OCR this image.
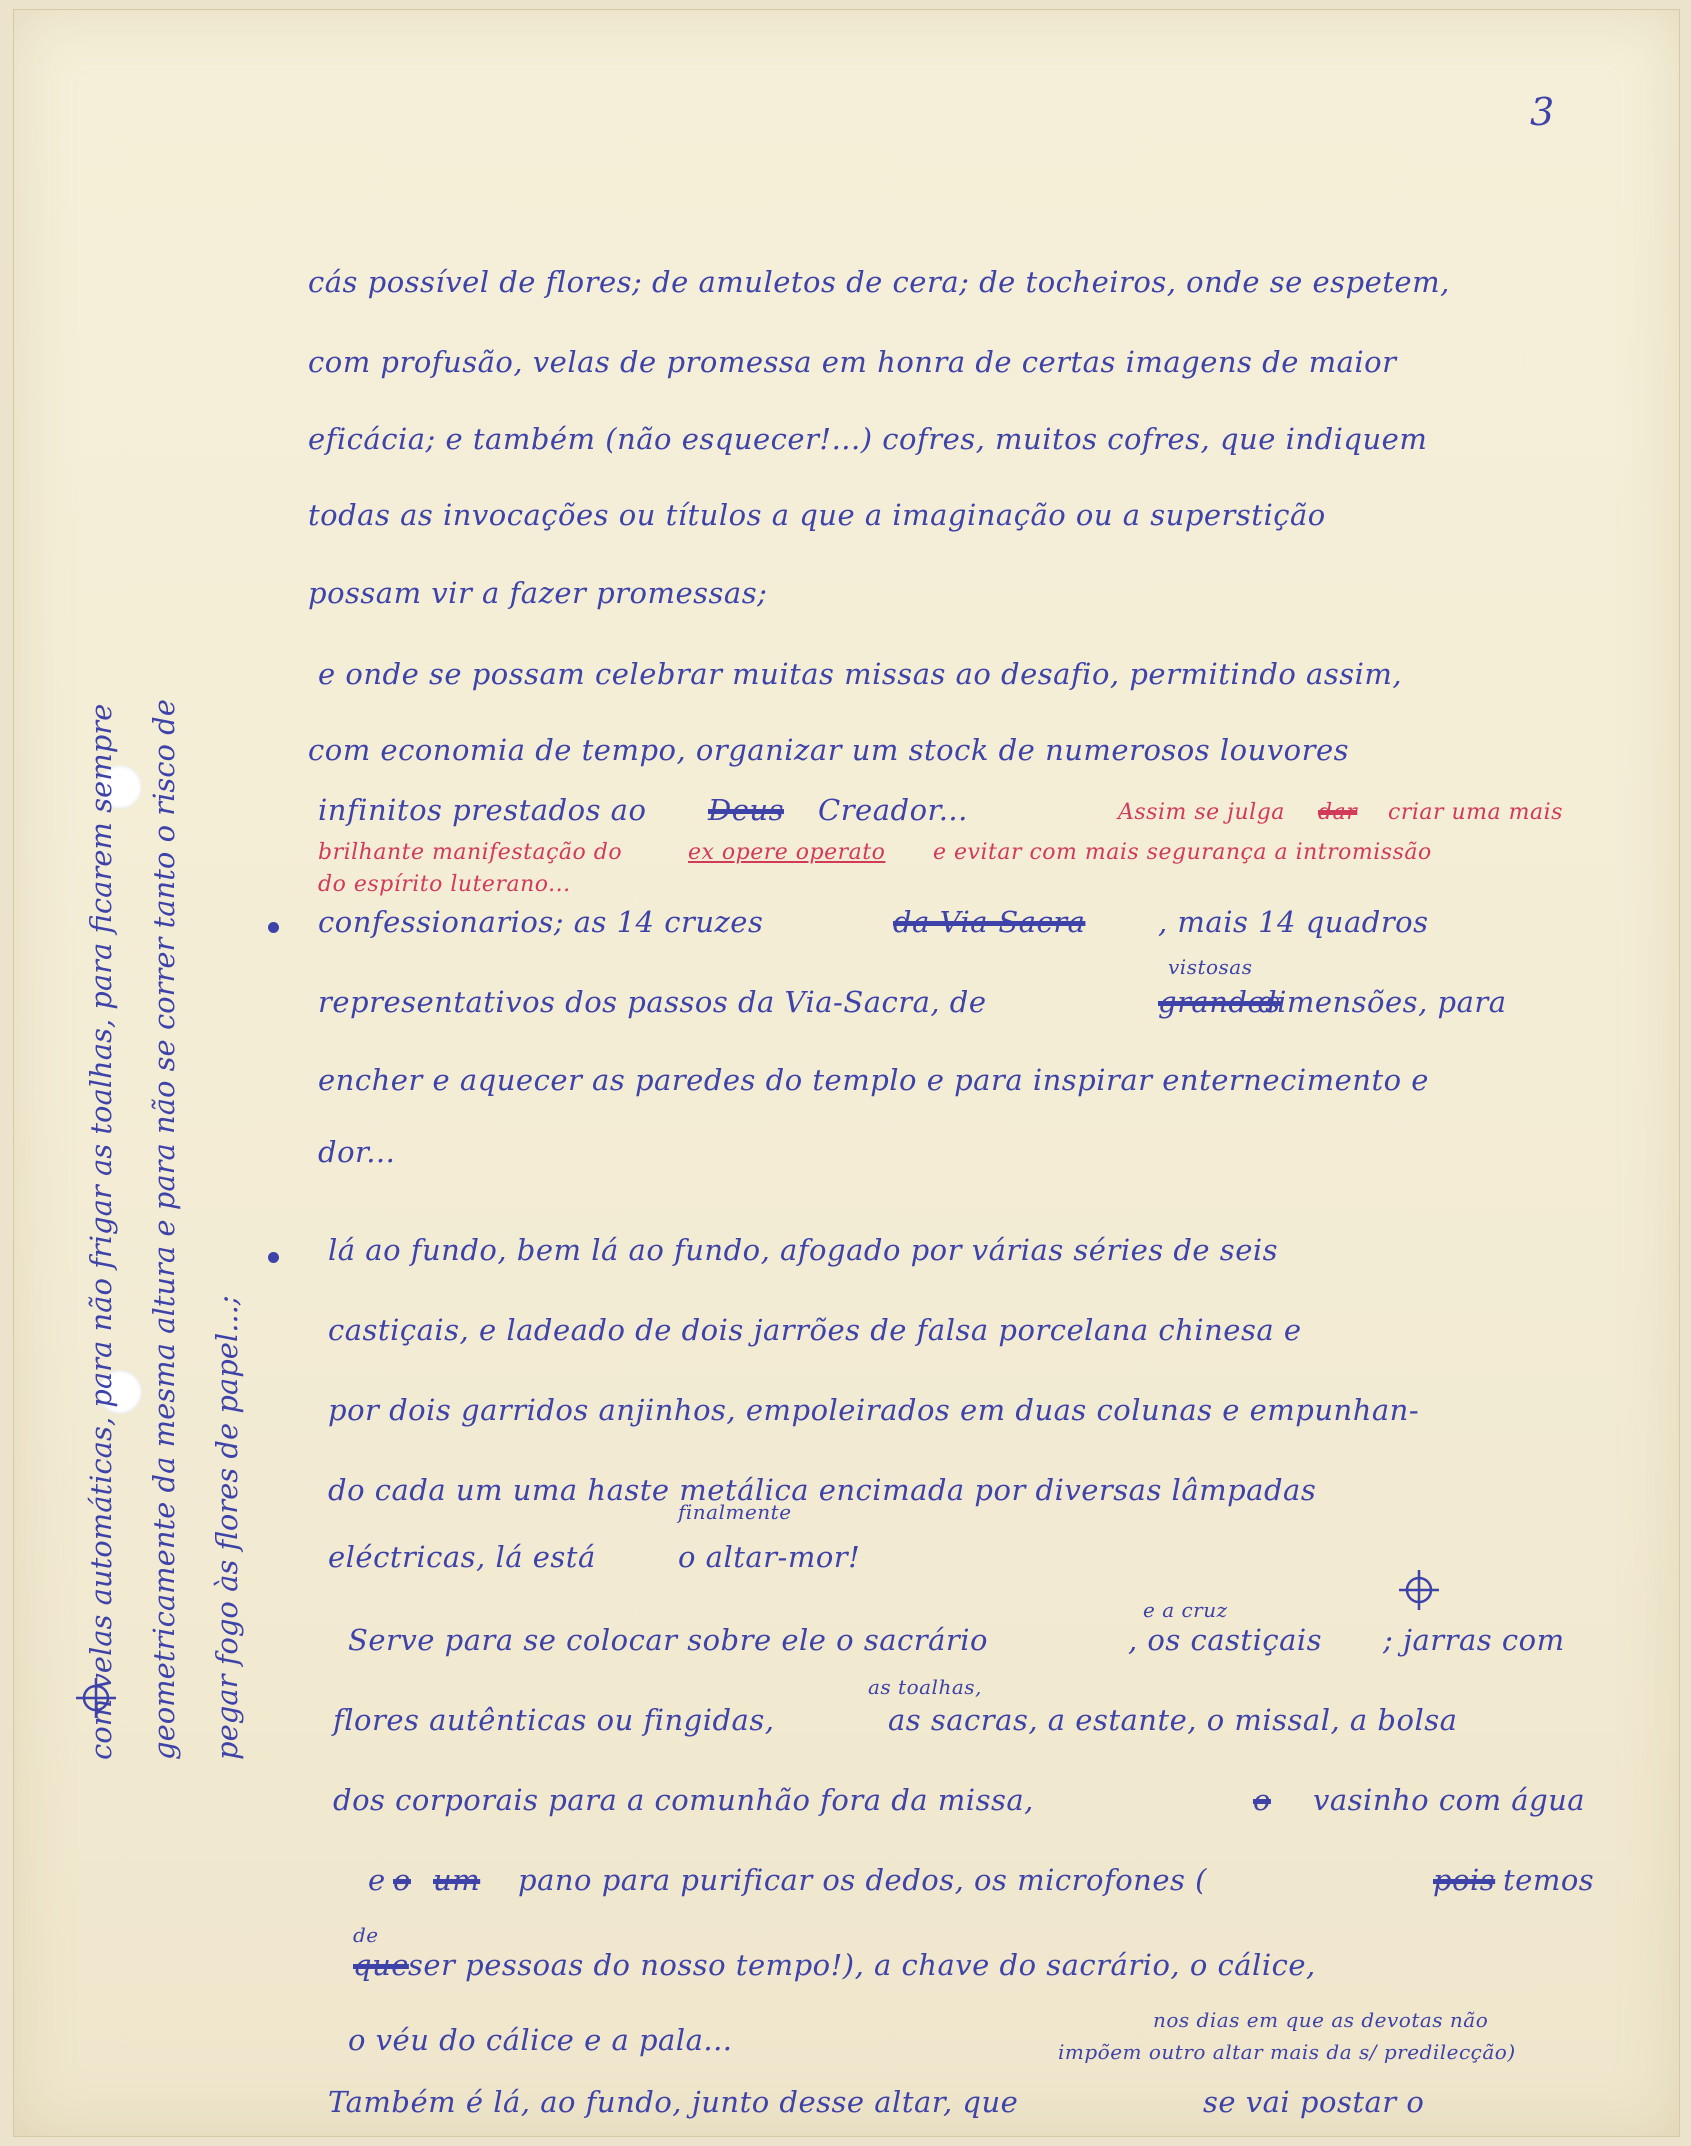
3
cás possível de flores; de amuletos de cera; de tocheiros, onde se espetem,
com profusão, velas de promessa em honra de certas imagens de maior
eficácia; e também (não esquecer!...) cofres, muitos cofres, que indiquem
todas as invocações ou títulos a que a imaginação ou a superstição
possam vir a fazer promessas;
e onde se possam celebrar muitas missas ao desafio, permitindo assim,
com economia de tempo, organizar um stock de numerosos louvores
infinitos prestados ao Deus Creador...	Assim se julga dar criar uma mais
brilhante manifestação do	ex opere operato e evitar com mais segurança a intromissão
do espírito luterano...
confessionarios; as 14 cruzes	da Via-Sacra	, mais 14 quadros
vistosas
representativos dos passos da Via-Sacra, de	grandes
dimensões, para
encher e aquecer as paredes do templo e para inspirar enternecimento e
dor...
lá ao fundo, bem lá ao fundo, afogado por várias séries de seis
castiçais, e ladeado de dois jarrões de falsa porcelana chinesa e
por dois garridos anjinhos, empoleirados em duas colunas e empunhan-
do cada um uma haste metálica encimada por diversas lâmpadas
finalmente
eléctricas, lá está	o altar-mor!
e a cruz
Serve para se colocar sobre ele o sacrário	, os castiçais ; jarras com
as toalhas,
flores autênticas ou fingidas,	as sacras, a estante, o missal, a bolsa
dos corporais para a comunhão fora da missa,	o vasinho com água
e o um pano para purificar os dedos, os microfones (	pois temos
de
que ser pessoas do nosso tempo!), a chave do sacrário, o cálice,
o véu do cálice e a pala...
nos dias em que as devotas não
impõem outro altar mais da s/ predilecção)
Também é lá, ao fundo, junto desse altar, que	se vai postar o
com velas automáticas, para não frigar as toalhas, para ficarem sempre	geometricamente da mesma altura e para não se correr tanto o risco de	pegar fogo às flores de papel...;
